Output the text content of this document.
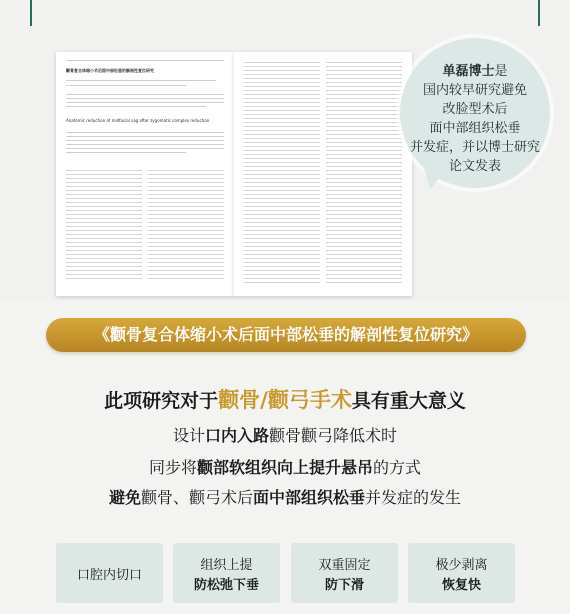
颧骨复合体缩小术后面中部松垂的解剖性复位研究
Anatomic reduction of midfacial sag after zygomatic complex reduction
单磊博士是
国内较早研究避免
改脸型术后
面中部组织松垂
并发症，并以博士研究
论文发表
《颧骨复合体缩小术后面中部松垂的解剖性复位研究》
此项研究对于颧骨/颧弓手术具有重大意义
设计口内入路颧骨颧弓降低术时
同步将颧部软组织向上提升悬吊的方式
避免颧骨、颧弓术后面中部组织松垂并发症的发生
口腔内切口
组织上提
防松弛下垂
双重固定
防下滑
极少剥离
恢复快
